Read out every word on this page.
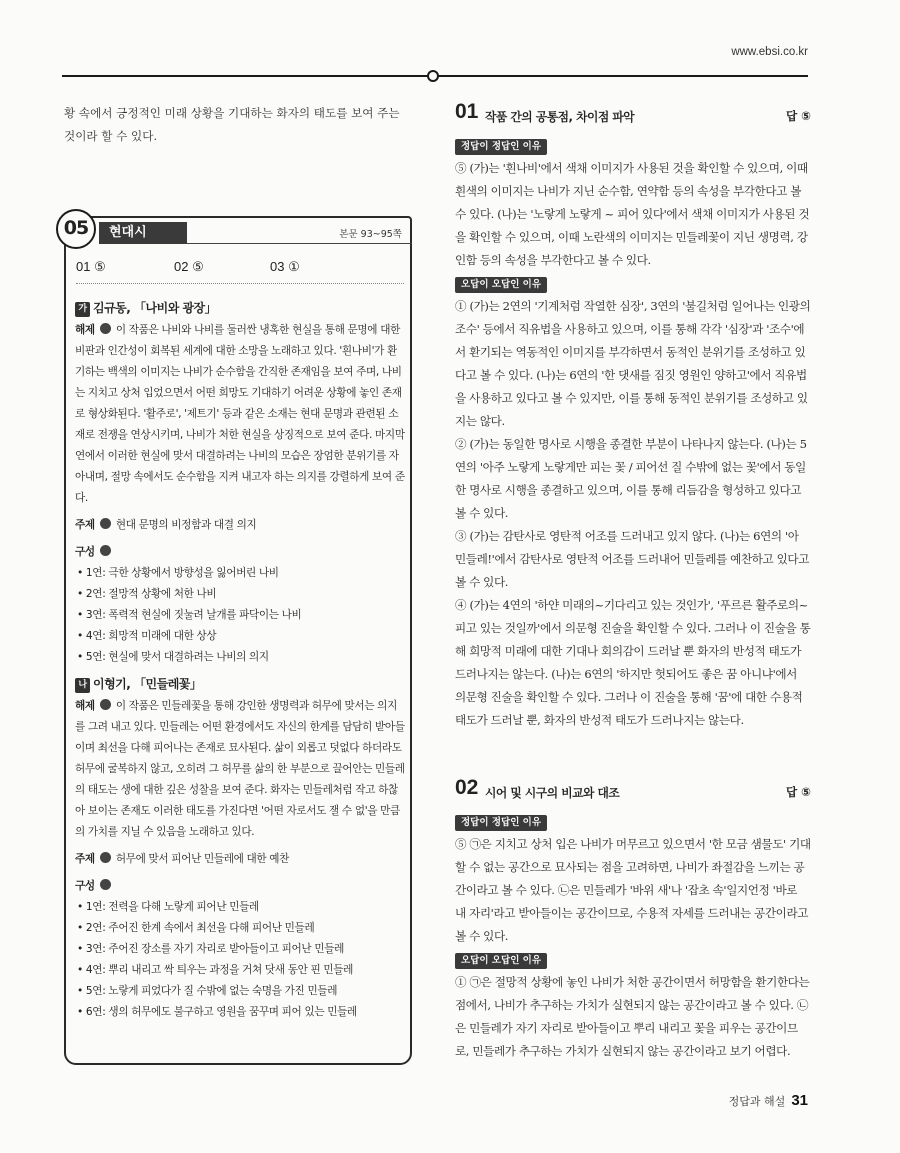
www.ebsi.co.kr

황 속에서 긍정적인 미래 상황을 기대하는 화자의 태도를 보여 주는 것이라 할 수 있다.

05	현대시	본문 93~95쪽
01 ⑤	02 ⑤	03 ①
가 김규동, 「나비와 광장」
해제 이 작품은 나비와 나비를 둘러싼 냉혹한 현실을 통해 문명에 대한 비판과 인간성이 회복된 세계에 대한 소망을 노래하고 있다. '흰나비'가 환기하는 백색의 이미지는 나비가 순수함을 간직한 존재임을 보여 주며, 나비는 지치고 상처 입었으면서 어떤 희망도 기대하기 어려운 상황에 놓인 존재로 형상화된다. '활주로', '제트기' 등과 같은 소재는 현대 문명과 관련된 소재로 전쟁을 연상시키며, 나비가 처한 현실을 상징적으로 보여 준다. 마지막 연에서 이러한 현실에 맞서 대결하려는 나비의 모습은 장엄한 분위기를 자아내며, 절망 속에서도 순수함을 지켜 내고자 하는 의지를 강렬하게 보여 준다.
주제 현대 문명의 비정함과 대결 의지
구성
• 1연: 극한 상황에서 방향성을 잃어버린 나비
• 2연: 절망적 상황에 처한 나비
• 3연: 폭력적 현실에 짓눌려 날개를 파닥이는 나비
• 4연: 희망적 미래에 대한 상상
• 5연: 현실에 맞서 대결하려는 나비의 의지
나 이형기, 「민들레꽃」
해제 이 작품은 민들레꽃을 통해 강인한 생명력과 허무에 맞서는 의지를 그려 내고 있다. 민들레는 어떤 환경에서도 자신의 한계를 담담히 받아들이며 최선을 다해 피어나는 존재로 묘사된다. 삶이 외롭고 덧없다 하더라도 허무에 굴복하지 않고, 오히려 그 허무를 삶의 한 부분으로 끌어안는 민들레의 태도는 생에 대한 깊은 성찰을 보여 준다. 화자는 민들레처럼 작고 하찮아 보이는 존재도 이러한 태도를 가진다면 '어떤 자로서도 잴 수 없'을 만큼의 가치를 지닐 수 있음을 노래하고 있다.
주제 허무에 맞서 피어난 민들레에 대한 예찬
구성
• 1연: 전력을 다해 노랗게 피어난 민들레
• 2연: 주어진 한계 속에서 최선을 다해 피어난 민들레
• 3연: 주어진 장소를 자기 자리로 받아들이고 피어난 민들레
• 4연: 뿌리 내리고 싹 틔우는 과정을 거쳐 닷새 동안 핀 민들레
• 5연: 노랗게 피었다가 질 수밖에 없는 숙명을 가진 민들레
• 6연: 생의 허무에도 불구하고 영원을 꿈꾸며 피어 있는 민들레
01 작품 간의 공통점, 차이점 파악	답 ⑤
정답이 정답인 이유

⑤ (가)는 '흰나비'에서 색채 이미지가 사용된 것을 확인할 수 있으며, 이때 흰색의 이미지는 나비가 지닌 순수함, 연약함 등의 속성을 부각한다고 볼 수 있다. (나)는 '노랗게 노랗게 ~ 피어 있다'에서 색채 이미지가 사용된 것을 확인할 수 있으며, 이때 노란색의 이미지는 민들레꽃이 지닌 생명력, 강인함 등의 속성을 부각한다고 볼 수 있다.

오답이 오답인 이유

① (가)는 2연의 '기계처럼 작열한 심장', 3연의 '불길처럼 일어나는 인광의 조수' 등에서 직유법을 사용하고 있으며, 이를 통해 각각 '심장'과 '조수'에서 환기되는 역동적인 이미지를 부각하면서 동적인 분위기를 조성하고 있다고 볼 수 있다. (나)는 6연의 '한 댓새를 짐짓 영원인 양하고'에서 직유법을 사용하고 있다고 볼 수 있지만, 이를 통해 동적인 분위기를 조성하고 있지는 않다.

② (가)는 동일한 명사로 시행을 종결한 부분이 나타나지 않는다. (나)는 5연의 '아주 노랗게 노랗게만 피는 꽃 / 피어선 질 수밖에 없는 꽃'에서 동일한 명사로 시행을 종결하고 있으며, 이를 통해 리듬감을 형성하고 있다고 볼 수 있다.

③ (가)는 감탄사로 영탄적 어조를 드러내고 있지 않다. (나)는 6연의 '아 민들레!'에서 감탄사로 영탄적 어조를 드러내어 민들레를 예찬하고 있다고 볼 수 있다.

④ (가)는 4연의 '하얀 미래의~기다리고 있는 것인가', '푸르른 활주로의~피고 있는 것일까'에서 의문형 진술을 확인할 수 있다. 그러나 이 진술을 통해 희망적 미래에 대한 기대나 회의감이 드러날 뿐 화자의 반성적 태도가 드러나지는 않는다. (나)는 6연의 '하지만 헛되어도 좋은 꿈 아니냐'에서 의문형 진술을 확인할 수 있다. 그러나 이 진술을 통해 '꿈'에 대한 수용적 태도가 드러날 뿐, 화자의 반성적 태도가 드러나지는 않는다.

02 시어 및 시구의 비교와 대조	답 ⑤
정답이 정답인 이유

⑤ ㉠은 지치고 상처 입은 나비가 머무르고 있으면서 '한 모금 샘물도' 기대할 수 없는 공간으로 묘사되는 점을 고려하면, 나비가 좌절감을 느끼는 공간이라고 볼 수 있다. ㉡은 민들레가 '바위 새'나 '잡초 속'일지언정 '바로 내 자리'라고 받아들이는 공간이므로, 수용적 자세를 드러내는 공간이라고 볼 수 있다.

오답이 오답인 이유

① ㉠은 절망적 상황에 놓인 나비가 처한 공간이면서 허망함을 환기한다는 점에서, 나비가 추구하는 가치가 실현되지 않는 공간이라고 볼 수 있다. ㉡은 민들레가 자기 자리로 받아들이고 뿌리 내리고 꽃을 피우는 공간이므로, 민들레가 추구하는 가치가 실현되지 않는 공간이라고 보기 어렵다.

정답과 해설 31
